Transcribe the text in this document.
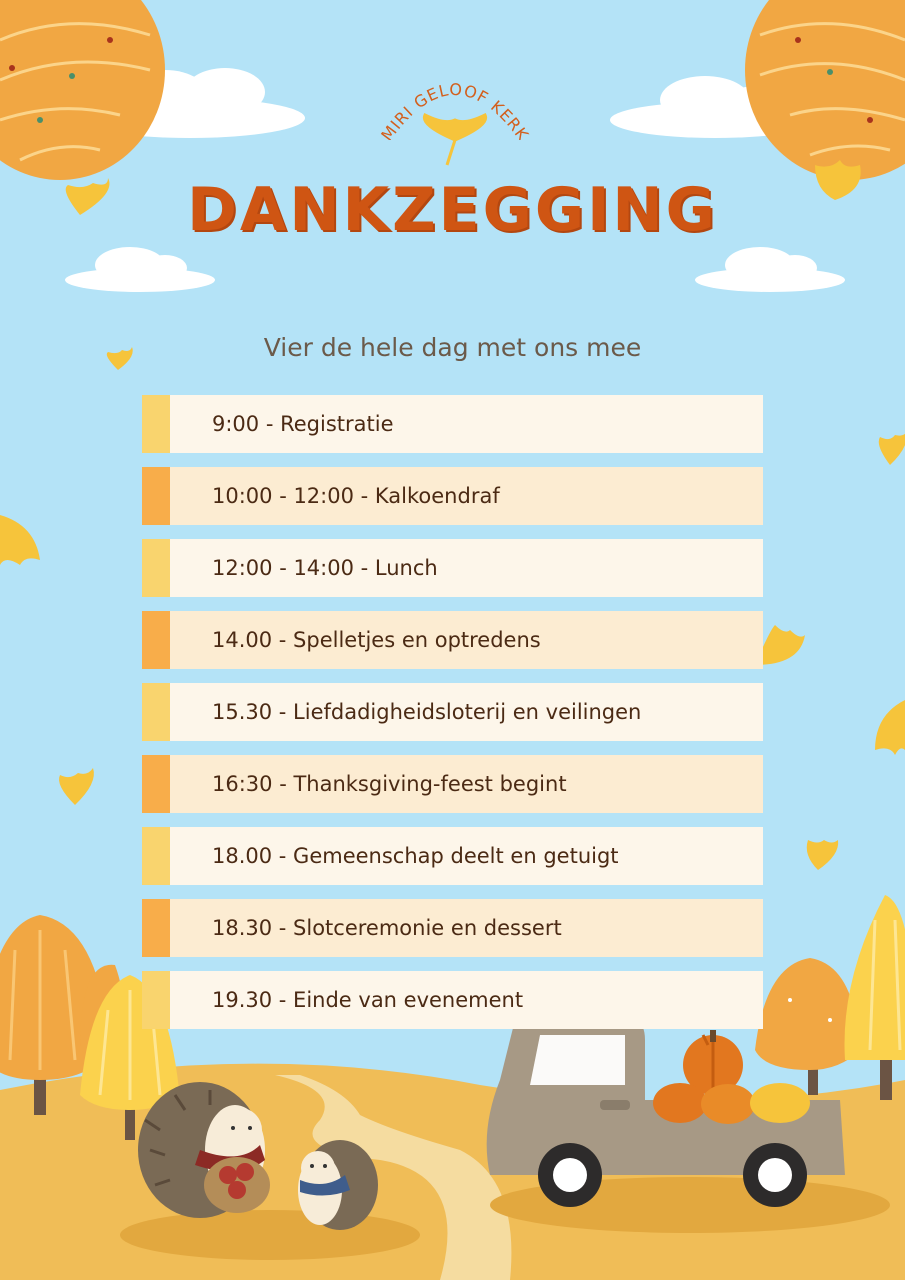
MIRI GELOOF KERK
DANKZEGGING
Vier de hele dag met ons mee
9:00 - Registratie
10:00 - 12:00 - Kalkoendraf
12:00 - 14:00 - Lunch
14.00 - Spelletjes en optredens
15.30 - Liefdadigheidsloterij en veilingen
16:30 - Thanksgiving-feest begint
18.00 - Gemeenschap deelt en getuigt
18.30 - Slotceremonie en dessert
19.30 - Einde van evenement
